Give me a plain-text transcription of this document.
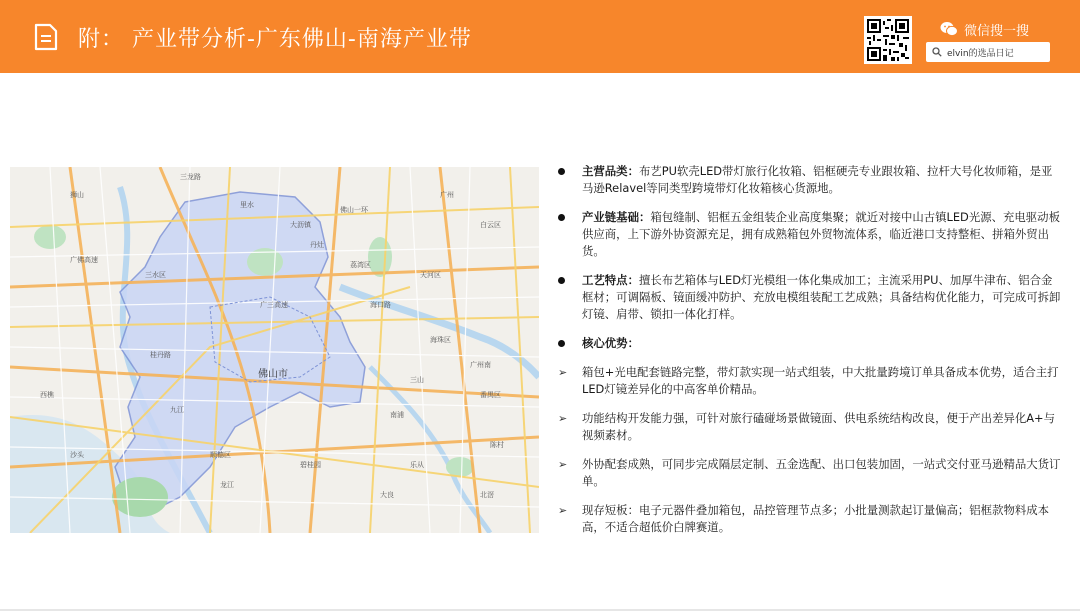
附： 产业带分析-广东佛山-南海产业带	微信搜一搜
elvin的选品日记
三龙路
三水区
广佛高速
桂丹路
广三高速	海口路
佛山一环
广州
荔湾区
大沥镇	白云区
天河区
海珠区
番禺区
广州南
南浦
三山
顺德区
碧桂园
狮山
里水
丹灶
西樵
九江
沙头
龙江
乐从
陈村
北滘
大良
佛山市
主营品类：布艺PU软壳LED带灯旅行化妆箱、铝框硬壳专业跟妆箱、拉杆大号化妆师箱，是亚马逊Relavel等同类型跨境带灯化妆箱核心货源地。
产业链基础：箱包缝制、铝框五金组装企业高度集聚；就近对接中山古镇LED光源、充电驱动板供应商，上下游外协资源充足，拥有成熟箱包外贸物流体系，临近港口支持整柜、拼箱外贸出货。
工艺特点：擅长布艺箱体与LED灯光模组一体化集成加工；主流采用PU、加厚牛津布、铝合金框材；可调隔板、镜面缓冲防护、充放电模组装配工艺成熟；具备结构优化能力，可完成可拆卸灯镜、肩带、锁扣一体化打样。
核心优势：
➢	箱包+光电配套链路完整，带灯款实现一站式组装，中大批量跨境订单具备成本优势，适合主打LED灯镜差异化的中高客单价精品。
➢	功能结构开发能力强，可针对旅行磕碰场景做镜面、供电系统结构改良，便于产出差异化A+与视频素材。
➢	外协配套成熟，可同步完成隔层定制、五金选配、出口包装加固，一站式交付亚马逊精品大货订单。
➢	现存短板：电子元器件叠加箱包，品控管理节点多；小批量测款起订量偏高；铝框款物料成本高，不适合超低价白牌赛道。
